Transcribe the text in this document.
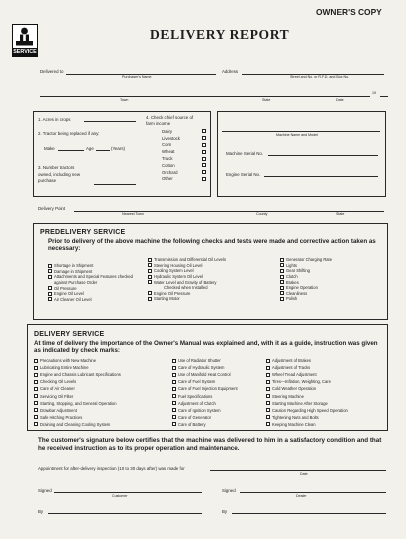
OWNER'S COPY
SERVICE
DELIVERY REPORT
Delivered to
Purchaser's Name
Address
Street and No. or R.F.D. and Box No.
19
Town	State	Date
1. Acres in crops
2. Tractor being replaced if any:
Make	Age	(Years)
3. Number tractors owned, including new purchase
4. Check chief source of farm income
Dairy
Livestock
Corn
Wheat
Truck
Cotton
Orchard
Other
Machine Name and Model
Machine Serial No.
Engine Serial No.
Delivery Point
Nearest Town	County	State
PREDELIVERY SERVICE
Prior to delivery of the above machine the following checks and tests were made and corrective action taken as necessary:
Shortage in Shipment
Damage in Shipment
Attachments and Special Features checked
against Purchase Order
Oil Pressure
Engine Oil Level
Air Cleaner Oil Level
Transmission and Differential Oil Levels
Steering Housing Oil Level
Cooling System Level
Hydraulic System Oil Level
Water Level and Gravity of Battery
Checked when Installed
Engine Oil Pressure
Starting Motor
Generator Charging Rate
Lights
Gear Shifting
Clutch
Brakes
Engine Operation
Cleanliness
Polish
DELIVERY SERVICE
At time of delivery the importance of the Owner's Manual was explained and, with it as a guide, instruction was given as indicated by check marks:
Precautions with New Machine
Lubricating Entire Machine
Engine and Chassis Lubricant Specifications
Checking Oil Levels
Care of Air Cleaner
Servicing Oil Filter
Starting, Stopping, and General Operation
Drawbar Adjustment
Safe Hitching Practices
Draining and Cleaning Cooling System
Use of Radiator Shutter
Care of Hydraulic System
Use of Manifold Heat Control
Care of Fuel System
Care of Fuel Injection Equipment
Fuel Specifications
Adjustment of Clutch
Care of Ignition System
Care of Generator
Care of Battery
Adjustment of Brakes
Adjustment of Tracks
Wheel Tread Adjustment
Tires—Inflation, Weighting, Care
Cold Weather Operation
Steering Machine
Starting Machine After Storage
Caution Regarding High Speed Operation
Tightening Nuts and Bolts
Keeping Machine Clean
The customer's signature below certifies that the machine was delivered to him in a satisfactory condition and that he received instruction as to its proper operation and maintenance.
Appointment for after-delivery inspection (10 to 30 days after) was made for
Date
Signed
Customer
Signed
Dealer
By	By
